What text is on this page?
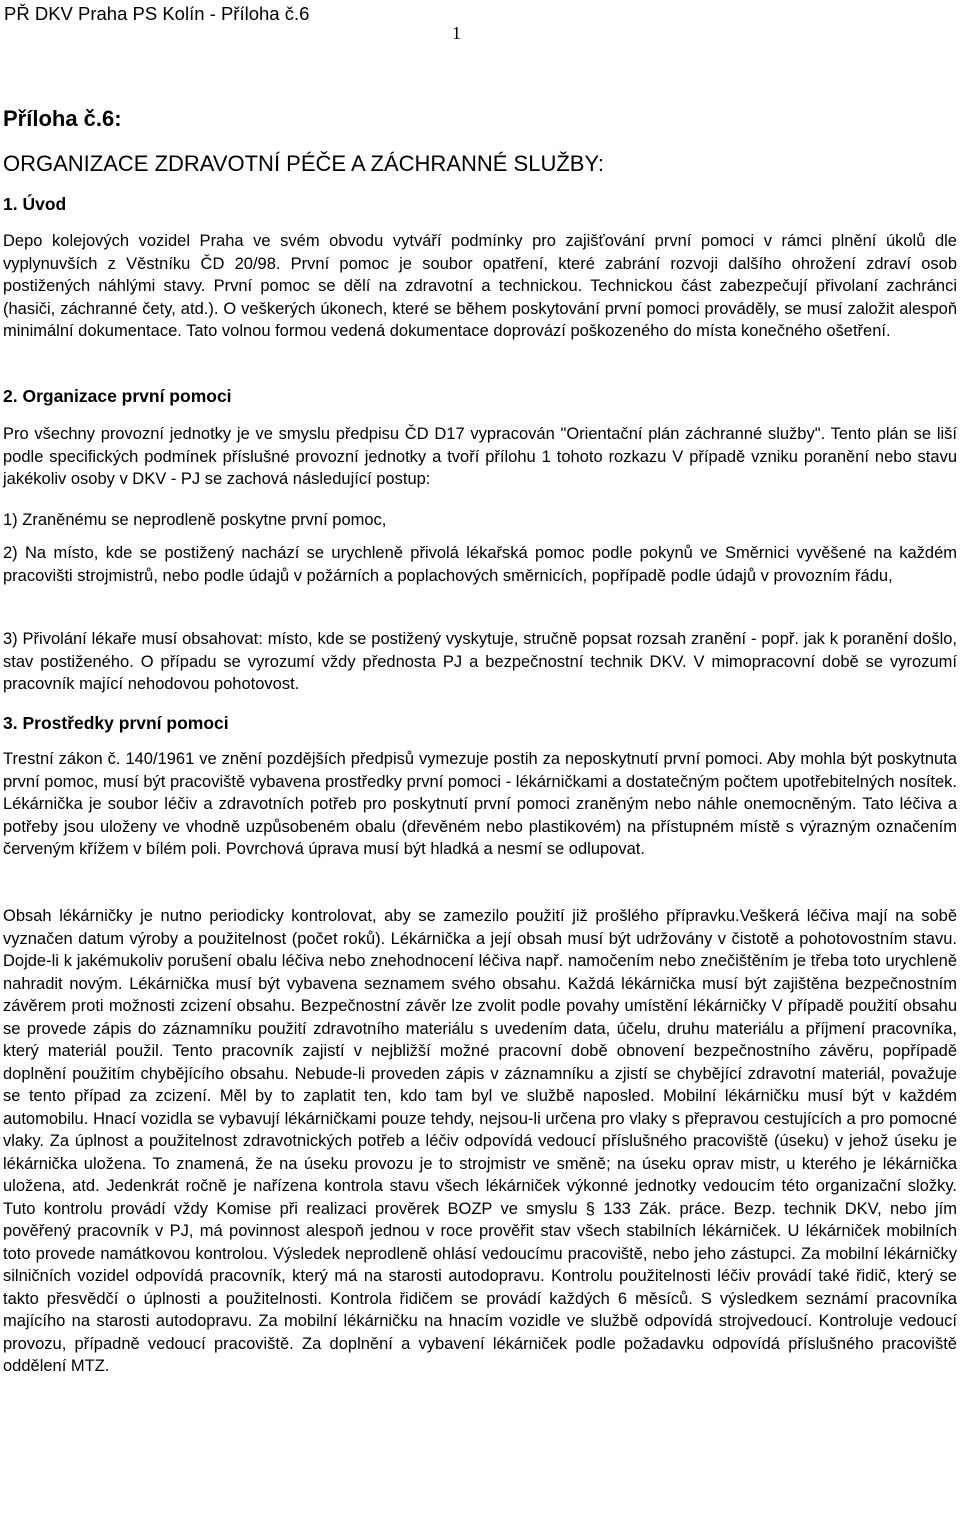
PŘ DKV Praha PS Kolín - Příloha č.6
1
Příloha č.6:
ORGANIZACE ZDRAVOTNÍ PÉČE A ZÁCHRANNÉ SLUŽBY:
1. Úvod

Depo kolejových vozidel Praha ve svém obvodu vytváří podmínky pro zajišťování první pomoci v rámci plnění úkolů dle vyplynuvších z Věstníku ČD 20/98. První pomoc je soubor opatření, které zabrání rozvoji dalšího ohrožení zdraví osob postižených náhlými stavy. První pomoc se dělí na zdravotní a technickou. Technickou část zabezpečují přivolaní zachránci (hasiči, záchranné čety, atd.). O veškerých úkonech, které se během poskytování první pomoci prováděly, se musí založit alespoň minimální dokumentace. Tato volnou formou vedená dokumentace doprovází poškozeného do místa konečného ošetření.

2. Organizace první pomoci

Pro všechny provozní jednotky je ve smyslu předpisu ČD D17 vypracován "Orientační plán záchranné služby". Tento plán se liší podle specifických podmínek příslušné provozní jednotky a tvoří přílohu 1 tohoto rozkazu V případě vzniku poranění nebo stavu jakékoliv osoby v DKV - PJ se zachová následující postup:

1) Zraněnému se neprodleně poskytne první pomoc,

2) Na místo, kde se postižený nachází se urychleně přivolá lékařská pomoc podle pokynů ve Směrnici vyvěšené na každém pracovišti strojmistrů, nebo podle údajů v požárních a poplachových směrnicích, popřípadě podle údajů v provozním řádu,

3) Přivolání lékaře musí obsahovat: místo, kde se postižený vyskytuje, stručně popsat rozsah zranění - popř. jak k poranění došlo, stav postiženého. O případu se vyrozumí vždy přednosta PJ a bezpečnostní technik DKV. V mimopracovní době se vyrozumí pracovník mající nehodovou pohotovost.

3. Prostředky první pomoci

Trestní zákon č. 140/1961 ve znění pozdějších předpisů vymezuje postih za neposkytnutí první pomoci. Aby mohla být poskytnuta první pomoc, musí být pracoviště vybavena prostředky první pomoci - lékárničkami a dostatečným počtem upotřebitelných nosítek. Lékárnička je soubor léčiv a zdravotních potřeb pro poskytnutí první pomoci zraněným nebo náhle onemocněným. Tato léčiva a potřeby jsou uloženy ve vhodně uzpůsobeném obalu (dřevěném nebo plastikovém) na přístupném místě s výrazným označením červeným křížem v bílém poli. Povrchová úprava musí být hladká a nesmí se odlupovat.

Obsah lékárničky je nutno periodicky kontrolovat, aby se zamezilo použití již prošlého přípravku.Veškerá léčiva mají na sobě vyznačen datum výroby a použitelnost (počet roků). Lékárnička a její obsah musí být udržovány v čistotě a pohotovostním stavu. Dojde-li k jakémukoliv porušení obalu léčiva nebo znehodnocení léčiva např. namočením nebo znečištěním je třeba toto urychleně nahradit novým. Lékárnička musí být vybavena seznamem svého obsahu. Každá lékárnička musí být zajištěna bezpečnostním závěrem proti možnosti zcizení obsahu. Bezpečnostní závěr lze zvolit podle povahy umístění lékárničky V případě použití obsahu se provede zápis do záznamníku použití zdravotního materiálu s uvedením data, účelu, druhu materiálu a příjmení pracovníka, který materiál použil. Tento pracovník zajistí v nejbližší možné pracovní době obnovení bezpečnostního závěru, popřípadě doplnění použitím chybějícího obsahu. Nebude-li proveden zápis v záznamníku a zjistí se chybějící zdravotní materiál, považuje se tento případ za zcizení. Měl by to zaplatit ten, kdo tam byl ve službě naposled. Mobilní lékárničku musí být v každém automobilu. Hnací vozidla se vybavují lékárničkami pouze tehdy, nejsou-li určena pro vlaky s přepravou cestujících a pro pomocné vlaky. Za úplnost a použitelnost zdravotnických potřeb a léčiv odpovídá vedoucí příslušného pracoviště (úseku) v jehož úseku je lékárnička uložena. To znamená, že na úseku provozu je to strojmistr ve směně; na úseku oprav mistr, u kterého je lékárnička uložena, atd. Jedenkrát ročně je nařízena kontrola stavu všech lékárniček výkonné jednotky vedoucím této organizační složky. Tuto kontrolu provádí vždy Komise při realizaci prověrek BOZP ve smyslu § 133 Zák. práce. Bezp. technik DKV, nebo jím pověřený pracovník v PJ, má povinnost alespoň jednou v roce prověřit stav všech stabilních lékárniček. U lékárniček mobilních toto provede namátkovou kontrolou. Výsledek neprodleně ohlásí vedoucímu pracoviště, nebo jeho zástupci. Za mobilní lékárničky silničních vozidel odpovídá pracovník, který má na starosti autodopravu. Kontrolu použitelnosti léčiv provádí také řidič, který se takto přesvědčí o úplnosti a použitelnosti. Kontrola řidičem se provádí každých 6 měsíců. S výsledkem seznámí pracovníka majícího na starosti autodopravu. Za mobilní lékárničku na hnacím vozidle ve službě odpovídá strojvedoucí. Kontroluje vedoucí provozu, případně vedoucí pracoviště. Za doplnění a vybavení lékárniček podle požadavku odpovídá příslušného pracoviště oddělení MTZ.
